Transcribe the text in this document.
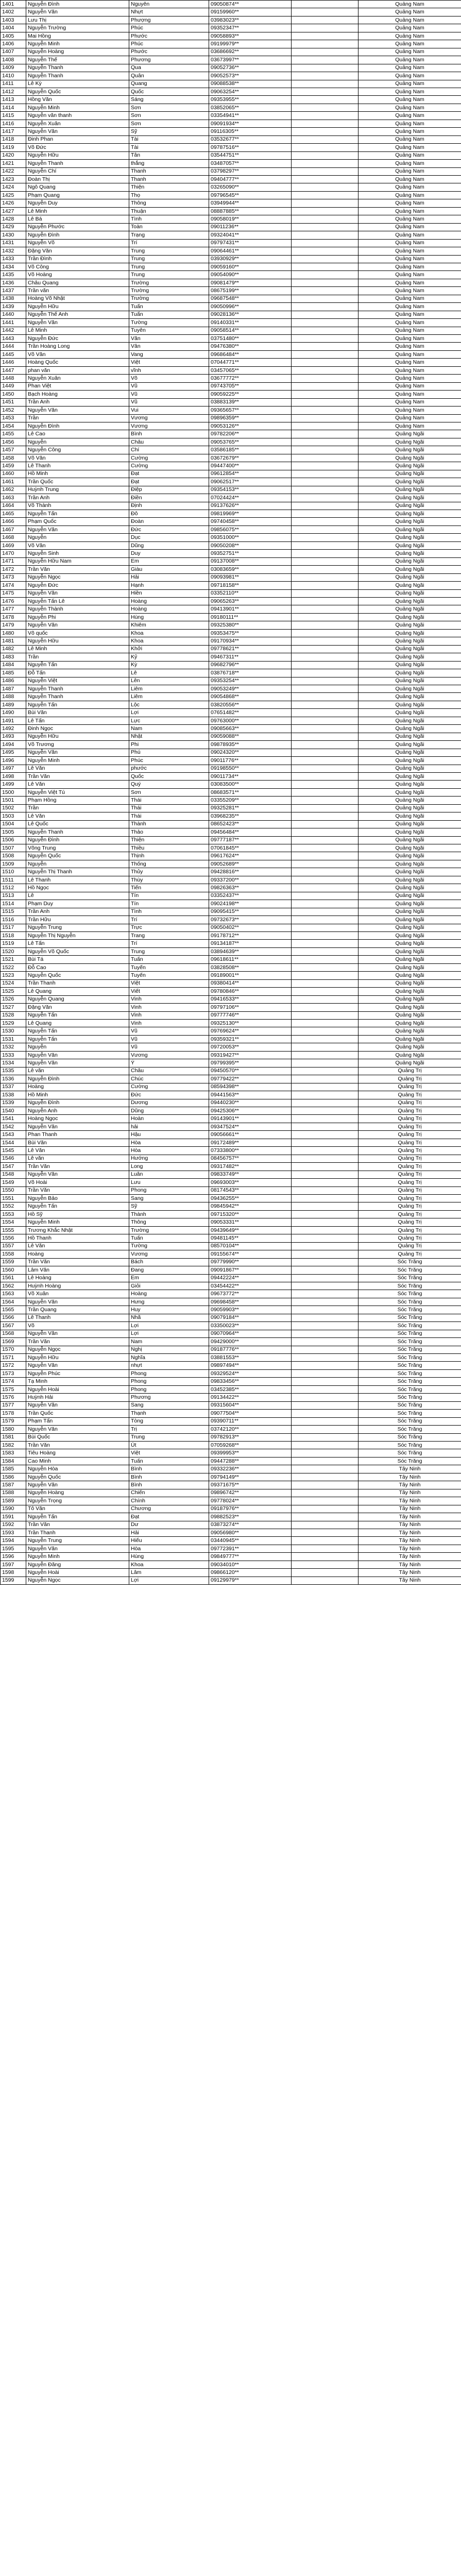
1401	Nguyễn Đình	Nguyên	09050874**		Quảng Nam
1402	Nguyễn Văn	Nhựt	09159960**		Quảng Nam
1403	Lưu Thị	Phượng	03983023**		Quảng Nam
1404	Nguyễn Trường	Phúc	09352347**		Quảng Nam
1405	Mai Hồng	Phước	09058893**		Quảng Nam
1406	Nguyễn Minh	Phúc	09199979**		Quảng Nam
1407	Nguyễn Hoàng	Phước	03686692**		Quảng Nam
1408	Nguyễn Thế	Phương	03673997**		Quảng Nam
1409	Nguyễn Thanh	Qua	09052736**		Quảng Nam
1410	Nguyễn Thanh	Quân	09052573**		Quảng Nam
1411	Lê Kỳ	Quang	09088538**		Quảng Nam
1412	Nguyễn Quốc	Quốc	09063254**		Quảng Nam
1413	Hồng Văn	Sáng	09353955**		Quảng Nam
1414	Nguyễn Minh	Sơn	03852065**		Quảng Nam
1415	Nguyễn văn thanh	Sơn	03354941**		Quảng Nam
1416	Nguyễn Xuân	Sơn	09091934**		Quảng Nam
1417	Nguyễn Văn	Sỹ	09116305**		Quảng Nam
1418	Đinh Phan	Tài	03532677**		Quảng Nam
1419	Võ Đức	Tài	09787516**		Quảng Nam
1420	Nguyễn Hữu	Tân	03544751**		Quảng Nam
1421	Nguyễn Thanh	thắng	03487057**		Quảng Nam
1422	Nguyễn Chí	Thanh	03798297**		Quảng Nam
1423	Đoàn Thị	Thanh	09404777**		Quảng Nam
1424	Ngô Quang	Thiện	03265090**		Quảng Nam
1425	Phạm Quang	Thọ	09796545**		Quảng Nam
1426	Nguyễn Duy	Thông	03949944**		Quảng Nam
1427	Lê Minh	Thuận	08887885**		Quảng Nam
1428	Lê Bá	Tình	09058019**		Quảng Nam
1429	Nguyễn Phước	Toàn	09011236**		Quảng Nam
1430	Nguyễn Đình	Trạng	09324041**		Quảng Nam
1431	Nguyễn Võ	Trí	09797431**		Quảng Nam
1432	Đặng Văn	Trung	09064461**		Quảng Nam
1433	Trần Đình	Trung	03930929**		Quảng Nam
1434	Võ Công	Trung	09059160**		Quảng Nam
1435	Võ Hoàng	Trung	09054090**		Quảng Nam
1436	Châu Quang	Trường	09081479**		Quảng Nam
1437	Trần văn	Trường	08675199**		Quảng Nam
1438	Hoàng Võ Nhật	Trường	09687548**		Quảng Nam
1439	Nguyễn Hữu	Tuấn	09050996**		Quảng Nam
1440	Nguyễn Thế Anh	Tuấn	09028136**		Quảng Nam
1441	Nguyễn Văn	Tường	09140331**		Quảng Nam
1442	Lê Minh	Tuyên	09058514**		Quảng Nam
1443	Nguyễn Đức	Văn	03751480**		Quảng Nam
1444	Trần Hoàng Long	Vân	09476380**		Quảng Nam
1445	Võ Văn	Vang	09686484**		Quảng Nam
1446	Hoàng Quốc	Việt	07044771**		Quảng Nam
1447	phan văn	vĩnh	03457065**		Quảng Nam
1448	Nguyễn Xuân	Võ	03677772**		Quảng Nam
1449	Phan Việt	Vũ	09743705**		Quảng Nam
1450	Bạch Hoàng	Vũ	09059225**		Quảng Nam
1451	Trần Anh	Vũ	03883139**		Quảng Nam
1452	Nguyễn Văn	Vui	09365657**		Quảng Nam
1453	Trần	Vương	09896359**		Quảng Nam
1454	Nguyễn Đình	Vương	09053126**		Quảng Nam
1455	Lê Cao	Bình	09782206**		Quảng Ngãi
1456	Nguyễn	Châu	09053765**		Quảng Ngãi
1457	Nguyễn Công	Chí	03586185**		Quảng Ngãi
1458	Võ Văn	Cường	03672679**		Quảng Ngãi
1459	Lê Thanh	Cường	09447400**		Quảng Ngãi
1460	Hồ Minh	Đạt	09612854**		Quảng Ngãi
1461	Trần Quốc	Đạt	09062517**		Quảng Ngãi
1462	Huỳnh Trung	Điệp	09354153**		Quảng Ngãi
1463	Trần Anh	Điền	07024424**		Quảng Ngãi
1464	Võ Thành	Định	09137626**		Quảng Ngãi
1465	Nguyễn Tấn	Đô	09819969**		Quảng Ngãi
1466	Phạm Quốc	Đoàn	09740458**		Quảng Ngãi
1467	Nguyễn Văn	Đức	09856075**		Quảng Ngãi
1468	Nguyễn	Dục	09351000**		Quảng Ngãi
1469	Võ Văn	Dũng	09050208**		Quảng Ngãi
1470	Nguyễn Sinh	Duy	09352751**		Quảng Ngãi
1471	Nguyễn Hữu Nam	Em	09137008**		Quảng Ngãi
1472	Trần Văn	Giàu	03083659**		Quảng Ngãi
1473	Nguyễn Ngọc	Hải	09093981**		Quảng Ngãi
1474	Nguyễn Đức	Hạnh	09718158**		Quảng Ngãi
1475	Nguyễn Văn	Hiền	03352110**		Quảng Ngãi
1476	Nguyễn Tấn Lê	Hoàng	09065263**		Quảng Ngãi
1477	Nguyễn Thành	Hoàng	09413901**		Quảng Ngãi
1478	Nguyễn Phi	Hùng	09180111**		Quảng Ngãi
1479	Nguyễn Văn	Khiêm	09325380**		Quảng Ngãi
1480	Võ quốc	Khoa	09353475**		Quảng Ngãi
1481	Nguyễn Hữu	Khoa	09170934**		Quảng Ngãi
1482	Lê Minh	Khởi	09778621**		Quảng Ngãi
1483	Trần	Kỷ	09467311**		Quảng Ngãi
1484	Nguyễn Tấn	Kỳ	09682796**		Quảng Ngãi
1485	Đỗ Tấn	Lê	03876718**		Quảng Ngãi
1486	Nguyễn Việt	Lên	09353254**		Quảng Ngãi
1487	Nguyễn Thanh	Liêm	09053249**		Quảng Ngãi
1488	Nguyễn Thanh	Liêm	09054868**		Quảng Ngãi
1489	Nguyễn Tấn	Lộc	03820556**		Quảng Ngãi
1490	Bùi Văn	Lợi	07651482**		Quảng Ngãi
1491	Lê Tấn	Lực	09763000**		Quảng Ngãi
1492	Đinh Ngọc	Nam	09085663**		Quảng Ngãi
1493	Nguyễn Hữu	Nhật	09059088**		Quảng Ngãi
1494	Võ Trương	Phi	09878935**		Quảng Ngãi
1495	Nguyễn Văn	Phú	09024320**		Quảng Ngãi
1496	Nguyễn Minh	Phúc	09011776**		Quảng Ngãi
1497	Lê Văn	phước	09198550**		Quảng Ngãi
1498	Trần Văn	Quốc	09011734**		Quảng Ngãi
1499	Lê Văn	Quý	03083500**		Quảng Ngãi
1500	Nguyễn Việt Tú	Sơn	08683571**		Quảng Ngãi
1501	Phạm Hồng	Thái	03355209**		Quảng Ngãi
1502	Trần	Thái	09325281**		Quảng Ngãi
1503	Lê Văn	Thái	03968235**		Quảng Ngãi
1504	Lê Quốc	Thành	08652423**		Quảng Ngãi
1505	Nguyễn Thanh	Thảo	09456484**		Quảng Ngãi
1506	Nguyễn Đình	Thiện	09777187**		Quảng Ngãi
1507	Võng Trung	Thiều	07061845**		Quảng Ngãi
1508	Nguyễn Quốc	Thịnh	09617624**		Quảng Ngãi
1509	Nguyễn	Thống	09052689**		Quảng Ngãi
1510	Nguyễn Thị Thanh	Thủy	09428816**		Quảng Ngãi
1511	Lê Thanh	Thùy	09337200**		Quảng Ngãi
1512	Hồ Ngọc	Tiến	09826363**		Quảng Ngãi
1513	Lê	Tín	03352437**		Quảng Ngãi
1514	Phạm Duy	Tín	09024198**		Quảng Ngãi
1515	Trần Anh	Tình	09095415**		Quảng Ngãi
1516	Trần Hữu	Trí	09732673**		Quảng Ngãi
1517	Nguyễn Trung	Trực	09050402**		Quảng Ngãi
1518	Nguyễn Thị Nguyễn	Trang	09178712**		Quảng Ngãi
1519	Lê Tấn	Trí	09134187**		Quảng Ngãi
1520	Nguyễn Võ Quốc	Trung	03894639**		Quảng Ngãi
1521	Bùi Tá	Tuấn	09618611**		Quảng Ngãi
1522	Đỗ Cao	Tuyến	03828508**		Quảng Ngãi
1523	Nguyễn Quốc	Tuyến	09189001**		Quảng Ngãi
1524	Trần Thanh	Việt	09380414**		Quảng Ngãi
1525	Lê Quang	Viết	09780846**		Quảng Ngãi
1526	Nguyễn Quang	Vinh	09416533**		Quảng Ngãi
1527	Đặng Văn	Vinh	09797106**		Quảng Ngãi
1528	Nguyễn Tấn	Vinh	09777746**		Quảng Ngãi
1529	Lê Quang	Vinh	09325130**		Quảng Ngãi
1530	Nguyễn Tấn	Vũ	09769624**		Quảng Ngãi
1531	Nguyễn Tấn	Vũ	09359321**		Quảng Ngãi
1532	Nguyễn	Vũ	09720053**		Quảng Ngãi
1533	Nguyễn Văn	Vương	09319427**		Quảng Ngãi
1534	Nguyễn Văn	Ý	09799395**		Quảng Ngãi
1535	Lê văn	Châu	09450570**		Quảng Trị
1536	Nguyễn Đình	Chúc	09779422**		Quảng Trị
1537	Hoàng	Cường	08594398**		Quảng Trị
1538	Hồ Minh	Đức	09441563**		Quảng Trị
1539	Nguyễn Đình	Dương	09440230**		Quảng Trị
1540	Nguyễn Anh	Dũng	09425306**		Quảng Trị
1541	Hoàng Ngọc	Hoàn	09143901**		Quảng Trị
1542	Nguyễn Văn	hải	09347524**		Quảng Trị
1543	Phan Thanh	Hậu	09056661**		Quảng Trị
1544	Bùi Văn	Hòa	09172489**		Quảng Trị
1545	Lê Văn	Hòa	07333800**		Quảng Trị
1546	Lê văn	Hướng	08456757**		Quảng Trị
1547	Trần Văn	Long	09317482**		Quảng Trị
1548	Nguyễn Văn	Luân	09833749**		Quảng Trị
1549	Võ Hoài	Lưu	09693003**		Quảng Trị
1550	Trần Văn	Phong	08174543**		Quảng Trị
1551	Nguyễn Bảo	Sang	09436255**		Quảng Trị
1552	Nguyễn Tấn	Sỹ	09845942**		Quảng Trị
1553	Hồ Sỹ	Thành	09715320**		Quảng Trị
1554	Nguyễn Minh	Thông	09053331**		Quảng Trị
1555	Trương Khắc Nhật	Trường	09439649**		Quảng Trị
1556	Hồ Thanh	Tuấn	09481145**		Quảng Trị
1557	Lê Văn	Tường	08570104**		Quảng Trị
1558	Hoàng	Vương	09155674**		Quảng Trị
1559	Trần Văn	Bách	09779990**		Sóc Trăng
1560	Lâm Văn	Đang	09091867**		Sóc Trăng
1561	Lê Hoàng	Em	09442224**		Sóc Trăng
1562	Huỳnh Hoàng	Giỏi	03454422**		Sóc Trăng
1563	Võ Xuân	Hoàng	09673772**		Sóc Trăng
1564	Nguyễn Văn	Hưng	09698458**		Sóc Trăng
1565	Trần Quang	Huy	09059903**		Sóc Trăng
1566	Lê Thanh	Nhã	09079184**		Sóc Trăng
1567	Võ	Lợi	03350023**		Sóc Trăng
1568	Nguyễn Văn	Lợi	09070964**		Sóc Trăng
1569	Trần Văn	Nam	09429000**		Sóc Trăng
1570	Nguyễn Ngọc	Nghị	09187776**		Sóc Trăng
1571	Nguyễn Hữu	Nghĩa	03881553**		Sóc Trăng
1572	Nguyễn Văn	nhựt	09897494**		Sóc Trăng
1573	Nguyễn Phúc	Phong	09329524**		Sóc Trăng
1574	Tạ Minh	Phong	09833456**		Sóc Trăng
1575	Nguyễn Hoài	Phong	03452385**		Sóc Trăng
1576	Huỳnh Hải	Phương	09134422**		Sóc Trăng
1577	Nguyễn Văn	Sang	09315604**		Sóc Trăng
1578	Trần Quốc	Thạnh	09077504**		Sóc Trăng
1579	Phạm Tấn	Tòng	09390711**		Sóc Trăng
1580	Nguyễn Văn	Trị	03742120**		Sóc Trăng
1581	Bùi Quốc	Trung	09782913**		Sóc Trăng
1582	Trần Văn	Út	07059268**		Sóc Trăng
1583	Tiêu Hoàng	Việt	09399953**		Sóc Trăng
1584	Cao Minh	Tuấn	09447288**		Sóc Trăng
1585	Nguyễn Hòa	Bình	09332236**		Tây Ninh
1586	Nguyễn Quốc	Bình	09794149**		Tây Ninh
1587	Nguyễn Văn	Bình	09371675**		Tây Ninh
1588	Nguyễn Hoàng	Chiến	09896742**		Tây Ninh
1589	Nguyễn Trọng	Chính	09778024**		Tây Ninh
1590	Tô Văn	Chương	09187976**		Tây Ninh
1591	Nguyễn Tấn	Đạt	09882523**		Tây Ninh
1592	Trần Văn	Dư	03873274**		Tây Ninh
1593	Trần Thanh	Hải	09056980**		Tây Ninh
1594	Nguyễn Trung	Hiếu	03440945**		Tây Ninh
1595	Nguyễn Văn	Hòa	09772391**		Tây Ninh
1596	Nguyễn Minh	Hùng	09849777**		Tây Ninh
1597	Nguyễn Đăng	Khoa	09034010**		Tây Ninh
1598	Nguyễn Hoài	Lâm	09866120**		Tây Ninh
1599	Nguyễn Ngọc	Lợi	09129979**		Tây Ninh
